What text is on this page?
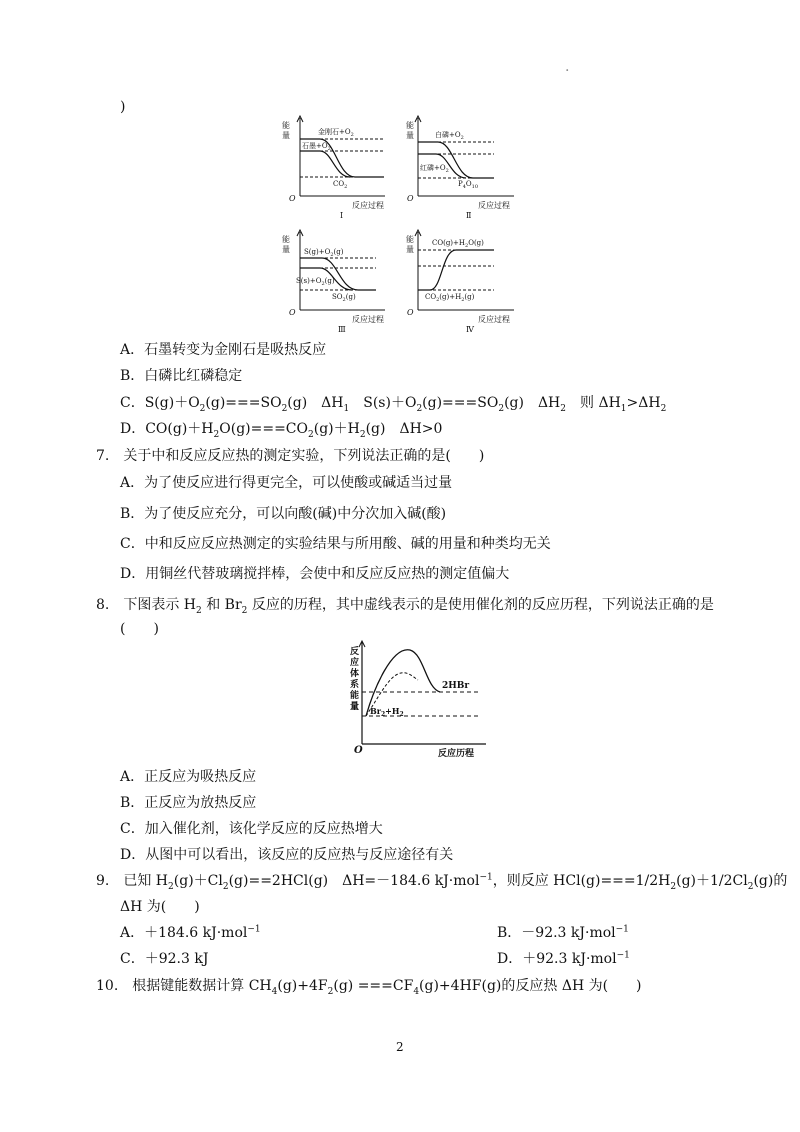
.
)
能
量	金刚石$+O_2$
石墨$+O_2$
$CO_2$
O
反应过程
Ⅰ
能
量	白磷$+O_2$
红磷$+O_2$
$P_4O_{10}$
O
反应过程
Ⅱ
能
量 $S(g)+O_2(g)$
$S(s)+O_2(g)$
$SO_2(g)$
O
反应过程
Ⅲ
能
量
$CO(g)+H_2O(g)$
$CO_2(g)+H_2(g)$
O
反应过程
Ⅳ
A．石墨转变为金刚石是吸热反应
B．白磷比红磷稳定
C．$S(g)+O_2(g)===SO_2(g)$　$\Delta H_1$　$S(s)+O_2(g)===SO_2(g)$　$\Delta H_2$　则 $\Delta H_1>\Delta H_2$
D．$CO(g)+H_2O(g)===CO_2(g)+H_2(g)$　ΔH>0
7.　关于中和反应反应热的测定实验，下列说法正确的是(　　)
A．为了使反应进行得更完全，可以使酸或碱适当过量
B．为了使反应充分，可以向酸(碱)中分次加入碱(酸)
C．中和反应反应热测定的实验结果与所用酸、碱的用量和种类均无关
D．用铜丝代替玻璃搅拌棒，会使中和反应反应热的测定值偏大
8.　下图表示 $H_2$ 和 $Br_2$ 反应的历程，其中虚线表示的是使用催化剂的反应历程，下列说法正确的是
(　　)
反 应 体 系 能 量
2HBr
$Br_2+H_2$
O	反应历程
A．正反应为吸热反应
B．正反应为放热反应
C．加入催化剂，该化学反应的反应热增大
D．从图中可以看出，该反应的反应热与反应途径有关
9.　已知 $H_2(g)+Cl_2(g)==2HCl(g)$　ΔH=－184.6 kJ·mol$^{-1}$，则反应 $HCl(g)===1/2H_2(g)+1/2Cl_2(g)$的
ΔH 为(　　)
A．＋184.6 kJ·mol$^{-1}$	B．－92.3 kJ·mol$^{-1}$
C．＋92.3 kJ	D．＋92.3 kJ·mol$^{-1}$
10.　根据键能数据计算 $CH_4(g)+4F_2(g) ===CF_4(g)+4HF(g)$的反应热 ΔH 为(　　)
2
